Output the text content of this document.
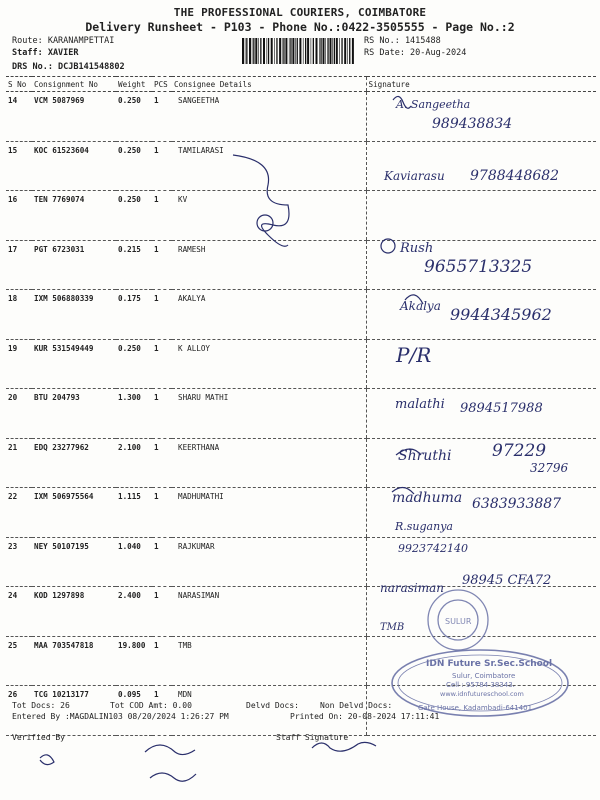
THE PROFESSIONAL COURIERS, COIMBATORE
Delivery Runsheet - P103 - Phone No.:0422-3505555 - Page No.:2
Route: KARANAMPETTAI
Staff: XAVIER
DRS No.: DCJB141548802
RS No.: 1415488
RS Date: 20-Aug-2024
S No	Consignment No	Weight	PCS	Consignee Details	Signature
14	VCM 5087969	0.250	1	SANGEETHA	
15	KOC 61523604	0.250	1	TAMILARASI	
16	TEN 7769074	0.250	1	KV	
17	PGT 6723031	0.215	1	RAMESH	
18	IXM 506880339	0.175	1	AKALYA	
19	KUR 531549449	0.250	1	K ALLOY	
20	BTU 204793	1.300	1	SHARU MATHI	
21	EDQ 23277962	2.100	1	KEERTHANA	
22	IXM 506975564	1.115	1	MADHUMATHI	
23	NEY 50107195	1.040	1	RAJKUMAR	
24	KOD 1297898	2.400	1	NARASIMAN	
25	MAA 703547818	19.800	1	TMB	
26	TCG 10213177	0.095	1	MDN	
A. Sangeetha
989438834
Kaviarasu 9788448682
Rush
9655713325
Akalya 9944345962
P/R
malathi 9894517988
Shruthi 97229
32796
madhuma 6383933887
R.suganya
9923742140
narasiman 98945 CFA72
TMB
SULUR
IDN Future Sr.Sec.School
Sulur, Coimbatore
Cell : 95784 38343.
www.idnfutureschool.com
Gate House, Kadambadi-641401
Tot Docs: 26	Tot COD Amt: 0.00	Delvd Docs:	Non Delvd Docs:
Entered By :MAGDALIN103 08/20/2024 1:26:27 PM	Printed On: 20-08-2024 17:11:41
Verified By	Staff Signature
